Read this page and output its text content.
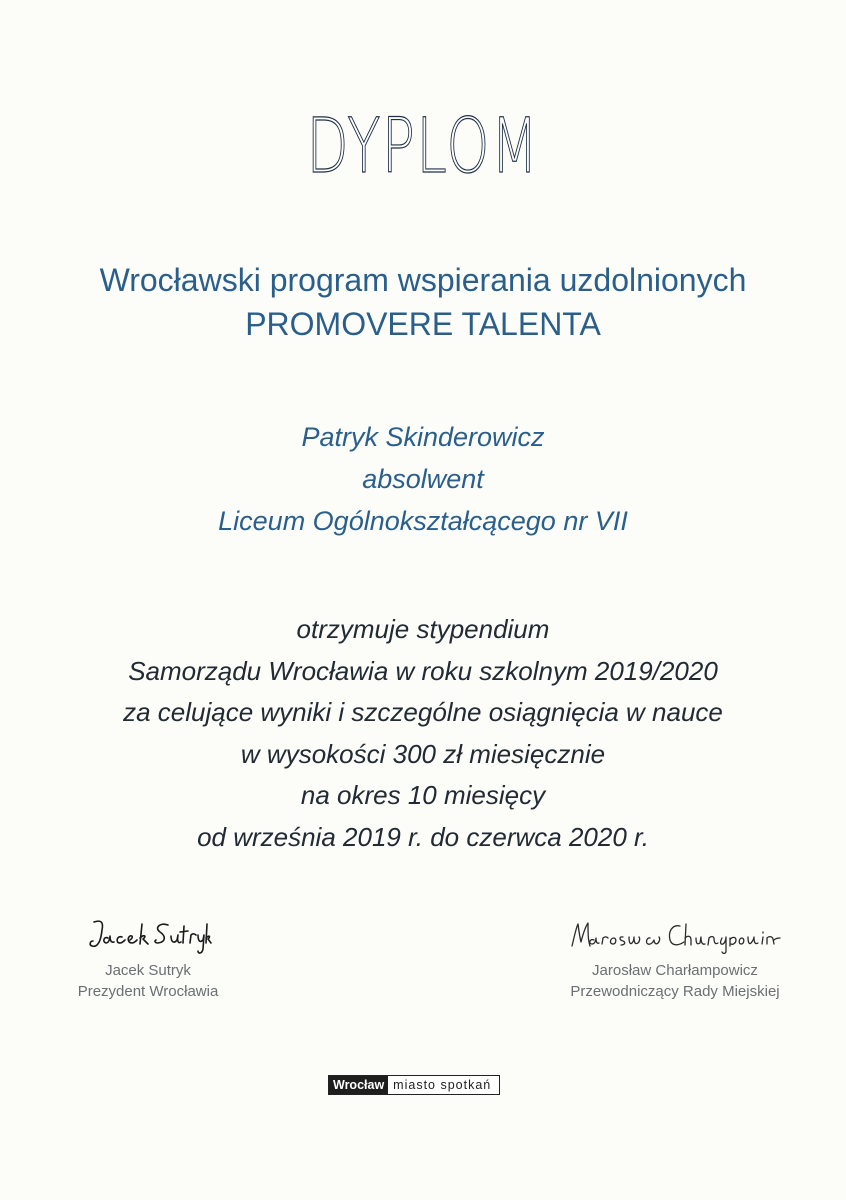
DYPLOM
Wrocławski program wspierania uzdolnionych
PROMOVERE TALENTA
Patryk Skinderowicz
absolwent
Liceum Ogólnokształcącego nr VII
otrzymuje stypendium
Samorządu Wrocławia w roku szkolnym 2019/2020
za celujące wyniki i szczególne osiągnięcia w nauce
w wysokości 300 zł miesięcznie
na okres 10 miesięcy
od września 2019 r. do czerwca 2020 r.
Jacek Sutryk
Prezydent Wrocławia
Jarosław Charłampowicz
Przewodniczący Rady Miejskiej
Wrocław miasto spotkań
